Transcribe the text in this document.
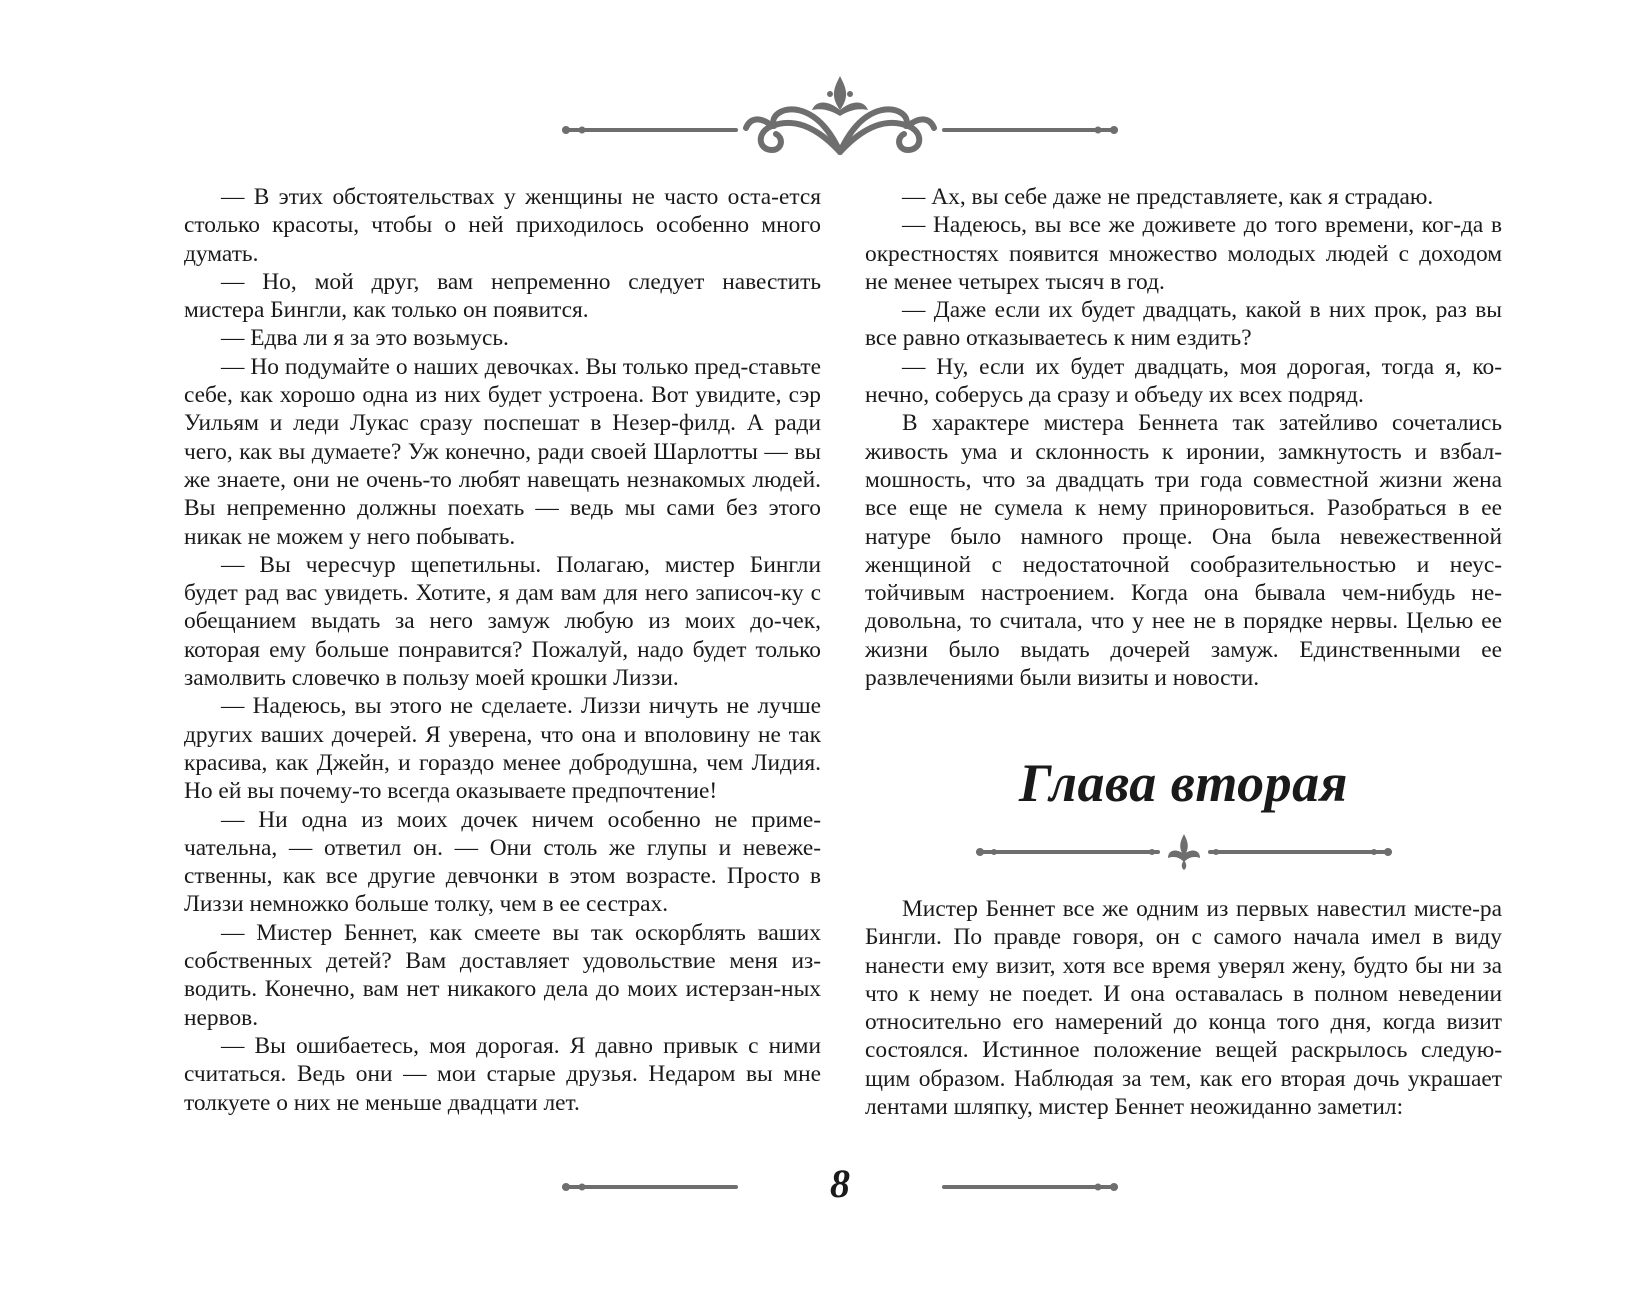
— В этих обстоятельствах у женщины не часто оста-ется столько красоты, чтобы о ней приходилось особенно много думать.

— Но, мой друг, вам непременно следует навестить мистера Бингли, как только он появится.

— Едва ли я за это возьмусь.

— Но подумайте о наших девочках. Вы только пред-ставьте себе, как хорошо одна из них будет устроена. Вот увидите, сэр Уильям и леди Лукас сразу поспешат в Незер-филд. А ради чего, как вы думаете? Уж конечно, ради своей Шарлотты — вы же знаете, они не очень-то любят навещать незнакомых людей. Вы непременно должны поехать — ведь мы сами без этого никак не можем у него побывать.

— Вы чересчур щепетильны. Полагаю, мистер Бингли будет рад вас увидеть. Хотите, я дам вам для него записоч-ку с обещанием выдать за него замуж любую из моих до-чек, которая ему больше понравится? Пожалуй, надо будет только замолвить словечко в пользу моей крошки Лиззи.

— Надеюсь, вы этого не сделаете. Лиззи ничуть не лучше других ваших дочерей. Я уверена, что она и вполовину не так красива, как Джейн, и гораздо менее добродушна, чем Лидия. Но ей вы почему-то всегда оказываете предпочтение!

— Ни одна из моих дочек ничем особенно не приме-чательна, — ответил он. — Они столь же глупы и невеже-ственны, как все другие девчонки в этом возрасте. Просто в Лиззи немножко больше толку, чем в ее сестрах.

— Мистер Беннет, как смеете вы так оскорблять ваших собственных детей? Вам доставляет удовольствие меня из-водить. Конечно, вам нет никакого дела до моих истерзан-ных нервов.

— Вы ошибаетесь, моя дорогая. Я давно привык с ними считаться. Ведь они — мои старые друзья. Недаром вы мне толкуете о них не меньше двадцати лет.

— Ах, вы себе даже не представляете, как я страдаю.

— Надеюсь, вы все же доживете до того времени, ког-да в окрестностях появится множество молодых людей с доходом не менее четырех тысяч в год.

— Даже если их будет двадцать, какой в них прок, раз вы все равно отказываетесь к ним ездить?

— Ну, если их будет двадцать, моя дорогая, тогда я, ко-нечно, соберусь да сразу и объеду их всех подряд.

В характере мистера Беннета так затейливо сочетались живость ума и склонность к иронии, замкнутость и взбал-мошность, что за двадцать три года совместной жизни жена все еще не сумела к нему приноровиться. Разобраться в ее натуре было намного проще. Она была невежественной женщиной с недостаточной сообразительностью и неус-тойчивым настроением. Когда она бывала чем-нибудь не-довольна, то считала, что у нее не в порядке нервы. Целью ее жизни было выдать дочерей замуж. Единственными ее развлечениями были визиты и новости.

Глава вторая

Мистер Беннет все же одним из первых навестил мисте-ра Бингли. По правде говоря, он с самого начала имел в виду нанести ему визит, хотя все время уверял жену, будто бы ни за что к нему не поедет. И она оставалась в полном неведении относительно его намерений до конца того дня, когда визит состоялся. Истинное положение вещей раскрылось следую-щим образом. Наблюдая за тем, как его вторая дочь украшает лентами шляпку, мистер Беннет неожиданно заметил:

8
